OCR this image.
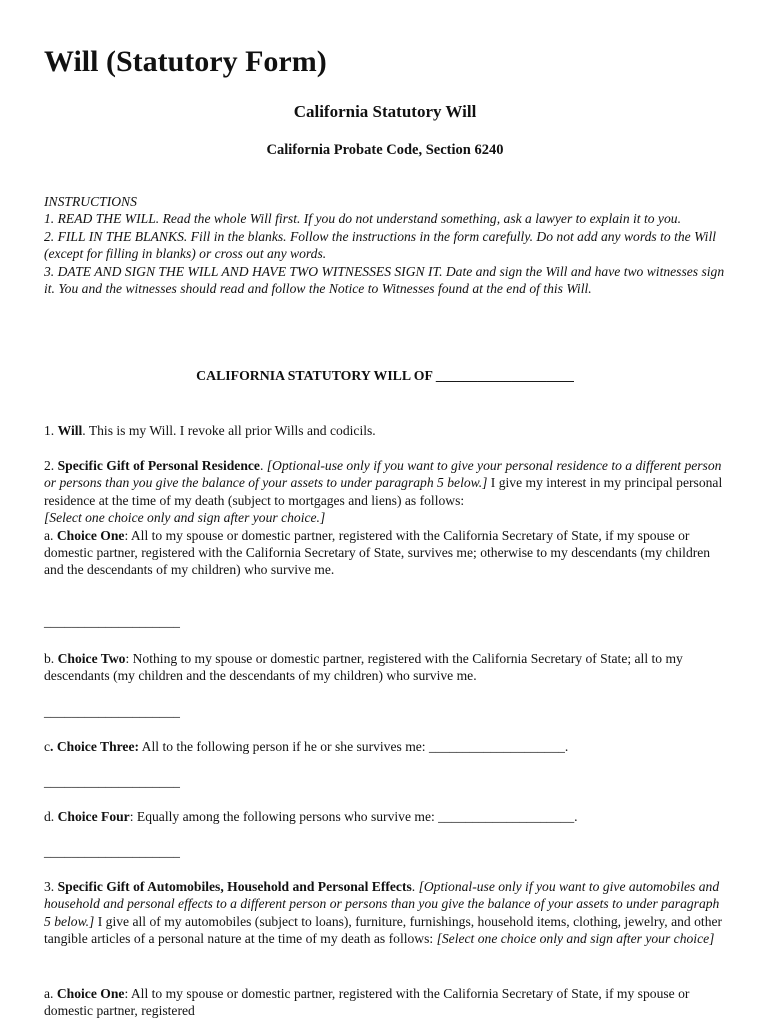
Will (Statutory Form)

California Statutory Will

California Probate Code, Section 6240

INSTRUCTIONS

1. READ THE WILL. Read the whole Will first. If you do not understand something, ask a lawyer to explain it to you.

2. FILL IN THE BLANKS. Fill in the blanks. Follow the instructions in the form carefully. Do not add any words to the Will (except for filling in blanks) or cross out any words.

3. DATE AND SIGN THE WILL AND HAVE TWO WITNESSES SIGN IT. Date and sign the Will and have two witnesses sign it. You and the witnesses should read and follow the Notice to Witnesses found at the end of this Will.

CALIFORNIA STATUTORY WILL OF ____________________

1. Will. This is my Will. I revoke all prior Wills and codicils.

2. Specific Gift of Personal Residence. [Optional-use only if you want to give your personal residence to a different person or persons than you give the balance of your assets to under paragraph 5 below.] I give my interest in my principal personal residence at the time of my death (subject to mortgages and liens) as follows:

[Select one choice only and sign after your choice.]

a. Choice One: All to my spouse or domestic partner, registered with the California Secretary of State, if my spouse or domestic partner, registered with the California Secretary of State, survives me; otherwise to my descendants (my children and the descendants of my children) who survive me.

____________________

b. Choice Two: Nothing to my spouse or domestic partner, registered with the California Secretary of State; all to my descendants (my children and the descendants of my children) who survive me.

____________________

c. Choice Three: All to the following person if he or she survives me: ____________________.

____________________

d. Choice Four: Equally among the following persons who survive me: ____________________.

____________________

3. Specific Gift of Automobiles, Household and Personal Effects. [Optional-use only if you want to give automobiles and household and personal effects to a different person or persons than you give the balance of your assets to under paragraph 5 below.] I give all of my automobiles (subject to loans), furniture, furnishings, household items, clothing, jewelry, and other tangible articles of a personal nature at the time of my death as follows: [Select one choice only and sign after your choice]

a. Choice One: All to my spouse or domestic partner, registered with the California Secretary of State, if my spouse or domestic partner, registered
